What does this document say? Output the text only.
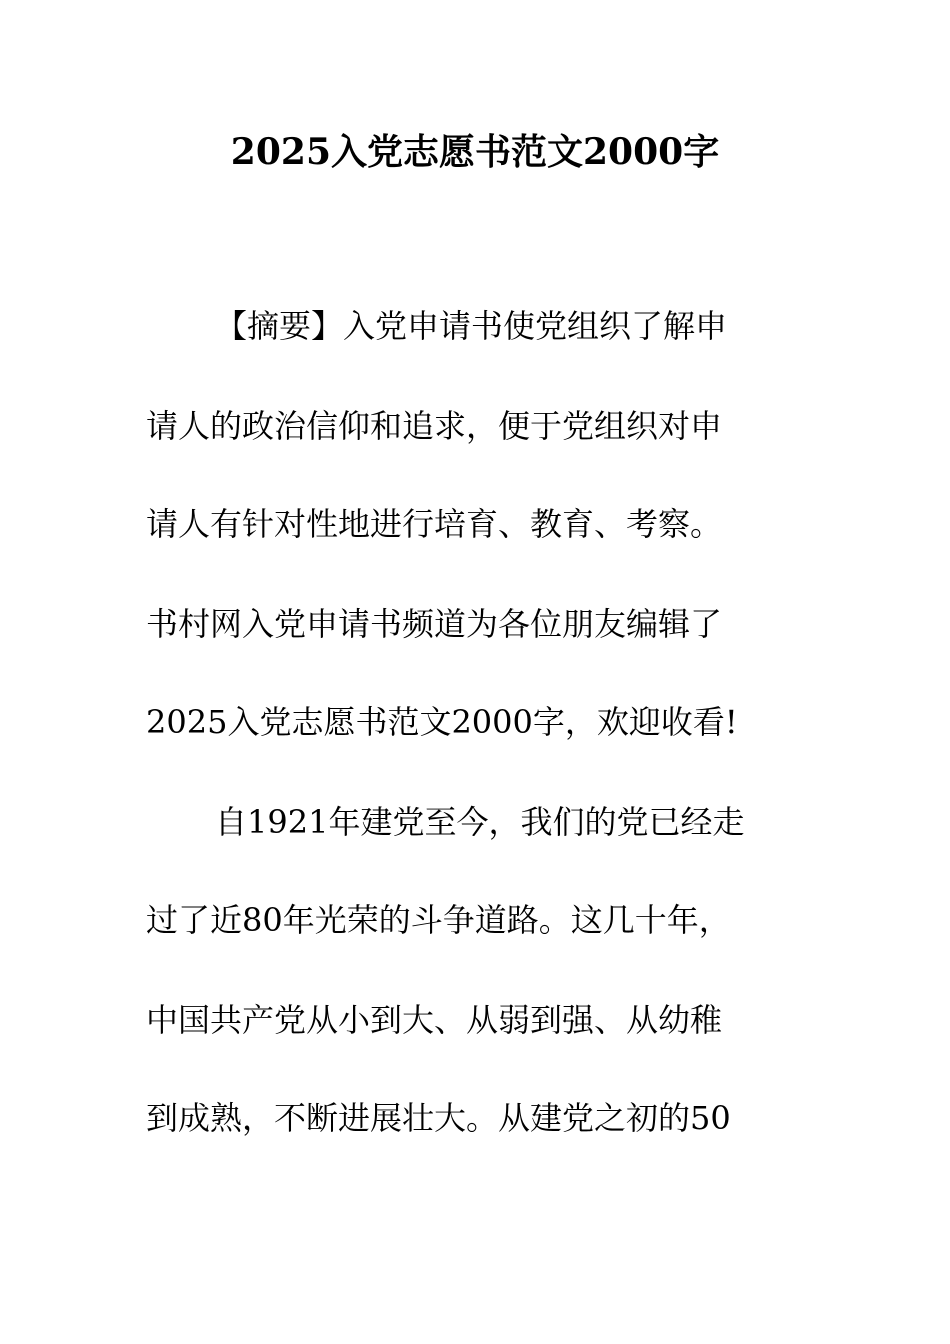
2025入党志愿书范文2000字
【摘要】入党申请书使党组织了解申
请人的政治信仰和追求，便于党组织对申
请人有针对性地进行培育、教育、考察。
书村网入党申请书频道为各位朋友编辑了
2025入党志愿书范文2000字，欢迎收看!
自1921年建党至今，我们的党已经走
过了近80年光荣的斗争道路。这几十年，
中国共产党从小到大、从弱到强、从幼稚
到成熟，不断进展壮大。从建党之初的50
